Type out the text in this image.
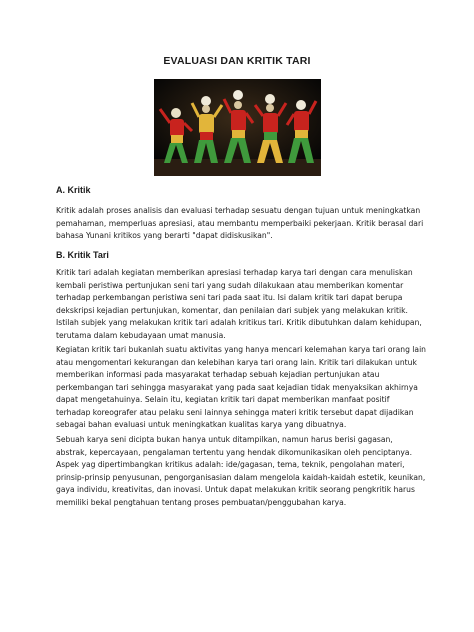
EVALUASI DAN KRITIK TARI
A. Kritik

Kritik adalah proses analisis dan evaluasi terhadap sesuatu dengan tujuan untuk meningkatkan pemahaman, memperluas apresiasi, atau membantu memperbaiki pekerjaan. Kritik berasal dari bahasa Yunani kritikos yang berarti "dapat didiskusikan".

B. Kritik Tari

Kritik tari adalah kegiatan memberikan apresiasi terhadap karya tari dengan cara menuliskan kembali peristiwa pertunjukan seni tari yang sudah dilakukaan atau memberikan komentar terhadap perkembangan peristiwa seni tari pada saat itu. Isi dalam kritik tari dapat berupa dekskripsi kejadian pertunjukan, komentar, dan penilaian dari subjek yang melakukan kritik. Istilah subjek yang melakukan kritik tari adalah kritikus tari. Kritik dibutuhkan dalam kehidupan, terutama dalam kebudayaan umat manusia.

Kegiatan kritik tari bukanlah suatu aktivitas yang hanya mencari kelemahan karya tari orang lain atau mengomentari kekurangan dan kelebihan karya tari orang lain. Kritik tari dilakukan untuk memberikan informasi pada masyarakat terhadap sebuah kejadian pertunjukan atau perkembangan tari sehingga masyarakat yang pada saat kejadian tidak menyaksikan akhirnya dapat mengetahuinya. Selain itu, kegiatan kritik tari dapat memberikan manfaat positif terhadap koreografer atau pelaku seni lainnya sehingga materi kritik tersebut dapat dijadikan sebagai bahan evaluasi untuk meningkatkan kualitas karya yang dibuatnya.

Sebuah karya seni dicipta bukan hanya untuk ditampilkan, namun harus berisi gagasan, abstrak, kepercayaan, pengalaman tertentu yang hendak dikomunikasikan oleh penciptanya. Aspek yag dipertimbangkan kritikus adalah: ide/gagasan, tema, teknik, pengolahan materi, prinsip-prinsip penyusunan, pengorganisasian dalam mengelola kaidah-kaidah estetik, keunikan, gaya individu, kreativitas, dan inovasi. Untuk dapat melakukan kritik seorang pengkritik harus memiliki bekal pengtahuan tentang proses pembuatan/penggubahan karya.
